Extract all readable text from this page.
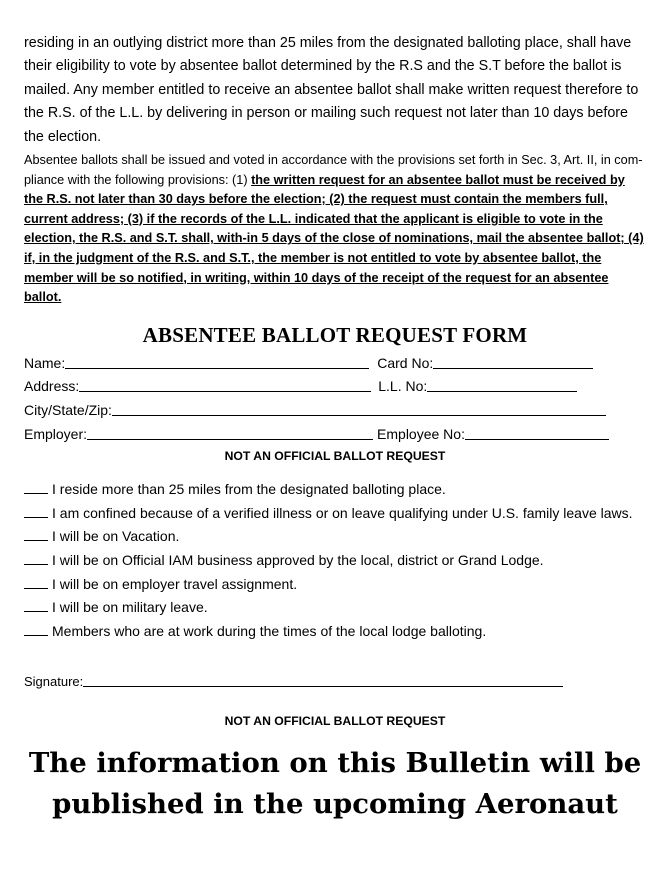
residing in an outlying district more than 25 miles from the designated balloting place, shall have their eligibility to vote by absentee ballot determined by the R.S and the S.T before the ballot is mailed. Any member entitled to receive an absentee ballot shall make written request therefore to the R.S. of the L.L. by delivering in person or mailing such request not later than 10 days before the election.

Absentee ballots shall be issued and voted in accordance with the provisions set forth in Sec. 3, Art. II, in com-pliance with the following provisions: (1) the written request for an absentee ballot must be received by the R.S. not later than 30 days before the election; (2) the request must contain the members full, current address; (3) if the records of the L.L. indicated that the applicant is eligible to vote in the election, the R.S. and S.T. shall, with-in 5 days of the close of nominations, mail the absentee ballot; (4) if, in the judgment of the R.S. and S.T., the member is not entitled to vote by absentee ballot, the member will be so notified, in writing, within 10 days of the receipt of the request for an absentee ballot.

ABSENTEE BALLOT REQUEST FORM
Name:	Card No:
Address:	L.L. No:
City/State/Zip:
Employer:	Employee No:
NOT AN OFFICIAL BALLOT REQUEST

I reside more than 25 miles from the designated balloting place.

I am confined because of a verified illness or on leave qualifying under U.S. family leave laws.

I will be on Vacation.

I will be on Official IAM business approved by the local, district or Grand Lodge.

I will be on employer travel assignment.

I will be on military leave.

Members who are at work during the times of the local lodge balloting.

Signature:
NOT AN OFFICIAL BALLOT REQUEST
The information on this Bulletin will be published in the upcoming Aeronaut
